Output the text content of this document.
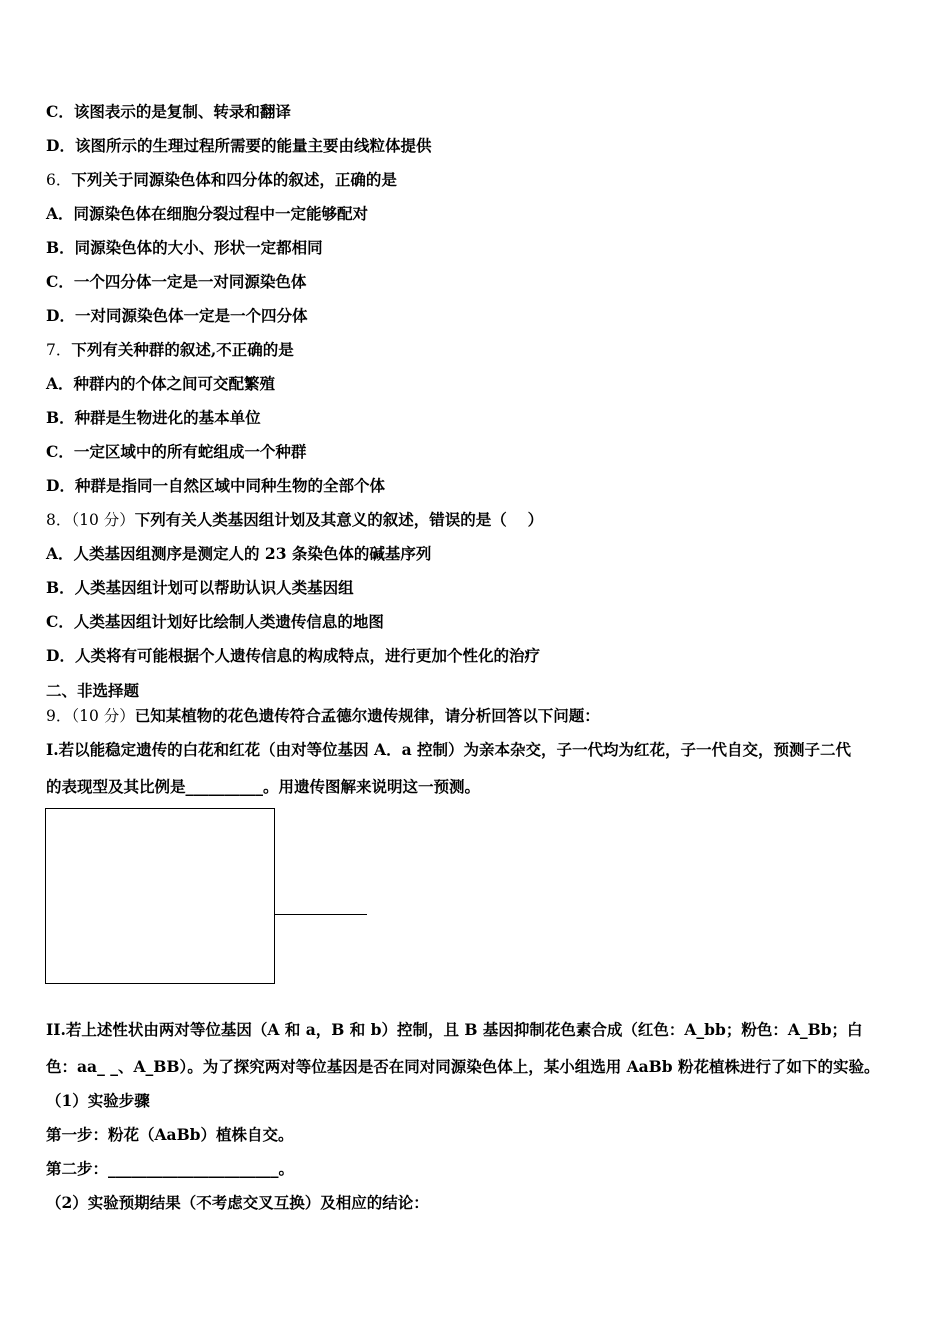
C．该图表示的是复制、转录和翻译
D．该图所示的生理过程所需要的能量主要由线粒体提供
6．下列关于同源染色体和四分体的叙述，正确的是
A．同源染色体在细胞分裂过程中一定能够配对
B．同源染色体的大小、形状一定都相同
C．一个四分体一定是一对同源染色体
D．一对同源染色体一定是一个四分体
7．下列有关种群的叙述,不正确的是
A．种群内的个体之间可交配繁殖
B．种群是生物进化的基本单位
C．一定区域中的所有蛇组成一个种群
D．种群是指同一自然区域中同种生物的全部个体
8．（10 分）下列有关人类基因组计划及其意义的叙述，错误的是（　 ）
A．人类基因组测序是测定人的 23 条染色体的碱基序列
B．人类基因组计划可以帮助认识人类基因组
C．人类基因组计划好比绘制人类遗传信息的地图
D．人类将有可能根据个人遗传信息的构成特点，进行更加个性化的治疗
二、非选择题
9．（10 分）已知某植物的花色遗传符合孟德尔遗传规律，请分析回答以下问题：
I.若以能稳定遗传的白花和红花（由对等位基因 A．a 控制）为亲本杂交，子一代均为红花，子一代自交，预测子二代
的表现型及其比例是__________。用遗传图解来说明这一预测。
II.若上述性状由两对等位基因（A 和 a，B 和 b）控制，且 B 基因抑制花色素合成（红色：A_bb；粉色：A_Bb；白
色：aa_ _、A_BB）。为了探究两对等位基因是否在同对同源染色体上，某小组选用 AaBb 粉花植株进行了如下的实验。
（1）实验步骤
第一步：粉花（AaBb）植株自交。
第二步：______________________。
（2）实验预期结果（不考虑交叉互换）及相应的结论：
